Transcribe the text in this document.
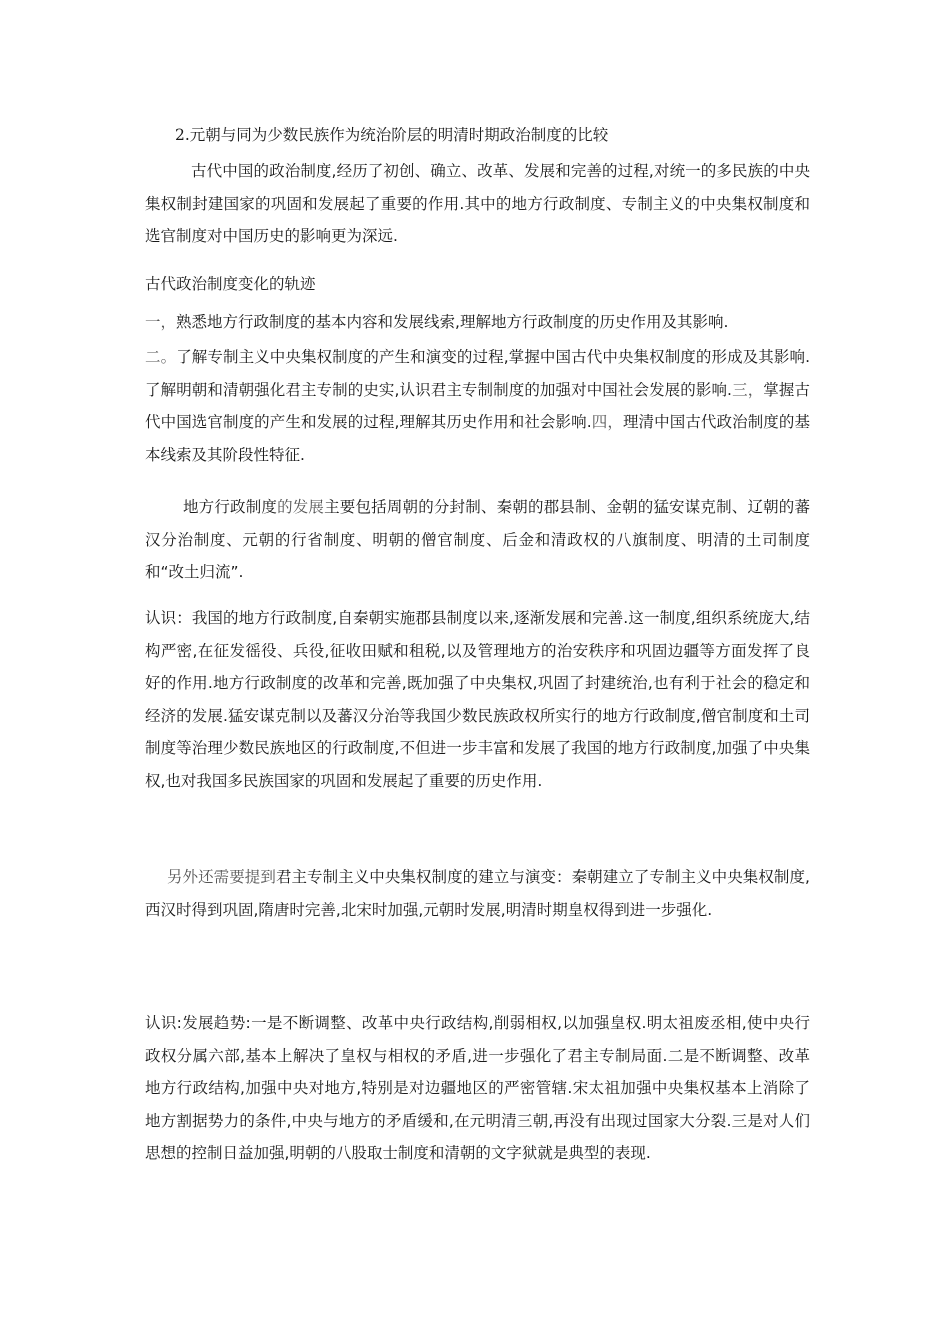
2.元朝与同为少数民族作为统治阶层的明清时期政治制度的比较

古代中国的政治制度,经历了初创、确立、改革、发展和完善的过程,对统一的多民族的中央集权制封建国家的巩固和发展起了重要的作用.其中的地方行政制度、专制主义的中央集权制度和选官制度对中国历史的影响更为深远.

古代政治制度变化的轨迹

一，熟悉地方行政制度的基本内容和发展线索,理解地方行政制度的历史作用及其影响.

二。了解专制主义中央集权制度的产生和演变的过程,掌握中国古代中央集权制度的形成及其影响.了解明朝和清朝强化君主专制的史实,认识君主专制制度的加强对中国社会发展的影响.三，掌握古代中国选官制度的产生和发展的过程,理解其历史作用和社会影响.四，理清中国古代政治制度的基本线索及其阶段性特征.

地方行政制度的发展主要包括周朝的分封制、秦朝的郡县制、金朝的猛安谋克制、辽朝的蕃汉分治制度、元朝的行省制度、明朝的僧官制度、后金和清政权的八旗制度、明清的土司制度和“改土归流”.

认识：我国的地方行政制度,自秦朝实施郡县制度以来,逐渐发展和完善.这一制度,组织系统庞大,结构严密,在征发徭役、兵役,征收田赋和租税,以及管理地方的治安秩序和巩固边疆等方面发挥了良好的作用.地方行政制度的改革和完善,既加强了中央集权,巩固了封建统治,也有利于社会的稳定和经济的发展.猛安谋克制以及蕃汉分治等我国少数民族政权所实行的地方行政制度,僧官制度和土司制度等治理少数民族地区的行政制度,不但进一步丰富和发展了我国的地方行政制度,加强了中央集权,也对我国多民族国家的巩固和发展起了重要的历史作用.

另外还需要提到君主专制主义中央集权制度的建立与演变：秦朝建立了专制主义中央集权制度,西汉时得到巩固,隋唐时完善,北宋时加强,元朝时发展,明清时期皇权得到进一步强化.

认识:发展趋势:一是不断调整、改革中央行政结构,削弱相权,以加强皇权.明太祖废丞相,使中央行政权分属六部,基本上解决了皇权与相权的矛盾,进一步强化了君主专制局面.二是不断调整、改革地方行政结构,加强中央对地方,特别是对边疆地区的严密管辖.宋太祖加强中央集权基本上消除了地方割据势力的条件,中央与地方的矛盾缓和,在元明清三朝,再没有出现过国家大分裂.三是对人们思想的控制日益加强,明朝的八股取士制度和清朝的文字狱就是典型的表现.
